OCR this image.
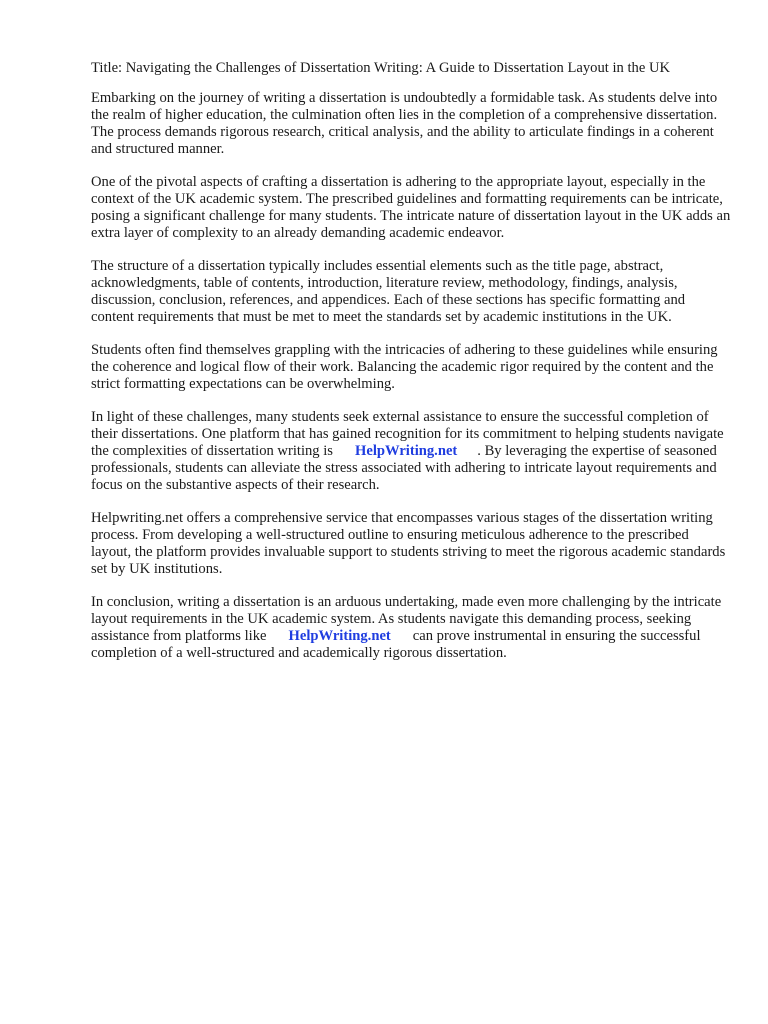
Title: Navigating the Challenges of Dissertation Writing: A Guide to Dissertation Layout in the UK

Embarking on the journey of writing a dissertation is undoubtedly a formidable task. As students delve into the realm of higher education, the culmination often lies in the completion of a comprehensive dissertation. The process demands rigorous research, critical analysis, and the ability to articulate findings in a coherent and structured manner.

One of the pivotal aspects of crafting a dissertation is adhering to the appropriate layout, especially in the context of the UK academic system. The prescribed guidelines and formatting requirements can be intricate, posing a significant challenge for many students. The intricate nature of dissertation layout in the UK adds an extra layer of complexity to an already demanding academic endeavor.

The structure of a dissertation typically includes essential elements such as the title page, abstract, acknowledgments, table of contents, introduction, literature review, methodology, findings, analysis, discussion, conclusion, references, and appendices. Each of these sections has specific formatting and content requirements that must be met to meet the standards set by academic institutions in the UK.

Students often find themselves grappling with the intricacies of adhering to these guidelines while ensuring the coherence and logical flow of their work. Balancing the academic rigor required by the content and the strict formatting expectations can be overwhelming.

In light of these challenges, many students seek external assistance to ensure the successful completion of their dissertations. One platform that has gained recognition for its commitment to helping students navigate the complexities of dissertation writing is HelpWriting.net . By leveraging the expertise of seasoned professionals, students can alleviate the stress associated with adhering to intricate layout requirements and focus on the substantive aspects of their research.

Helpwriting.net offers a comprehensive service that encompasses various stages of the dissertation writing process. From developing a well-structured outline to ensuring meticulous adherence to the prescribed layout, the platform provides invaluable support to students striving to meet the rigorous academic standards set by UK institutions.

In conclusion, writing a dissertation is an arduous undertaking, made even more challenging by the intricate layout requirements in the UK academic system. As students navigate this demanding process, seeking assistance from platforms like HelpWriting.net can prove instrumental in ensuring the successful completion of a well-structured and academically rigorous dissertation.
